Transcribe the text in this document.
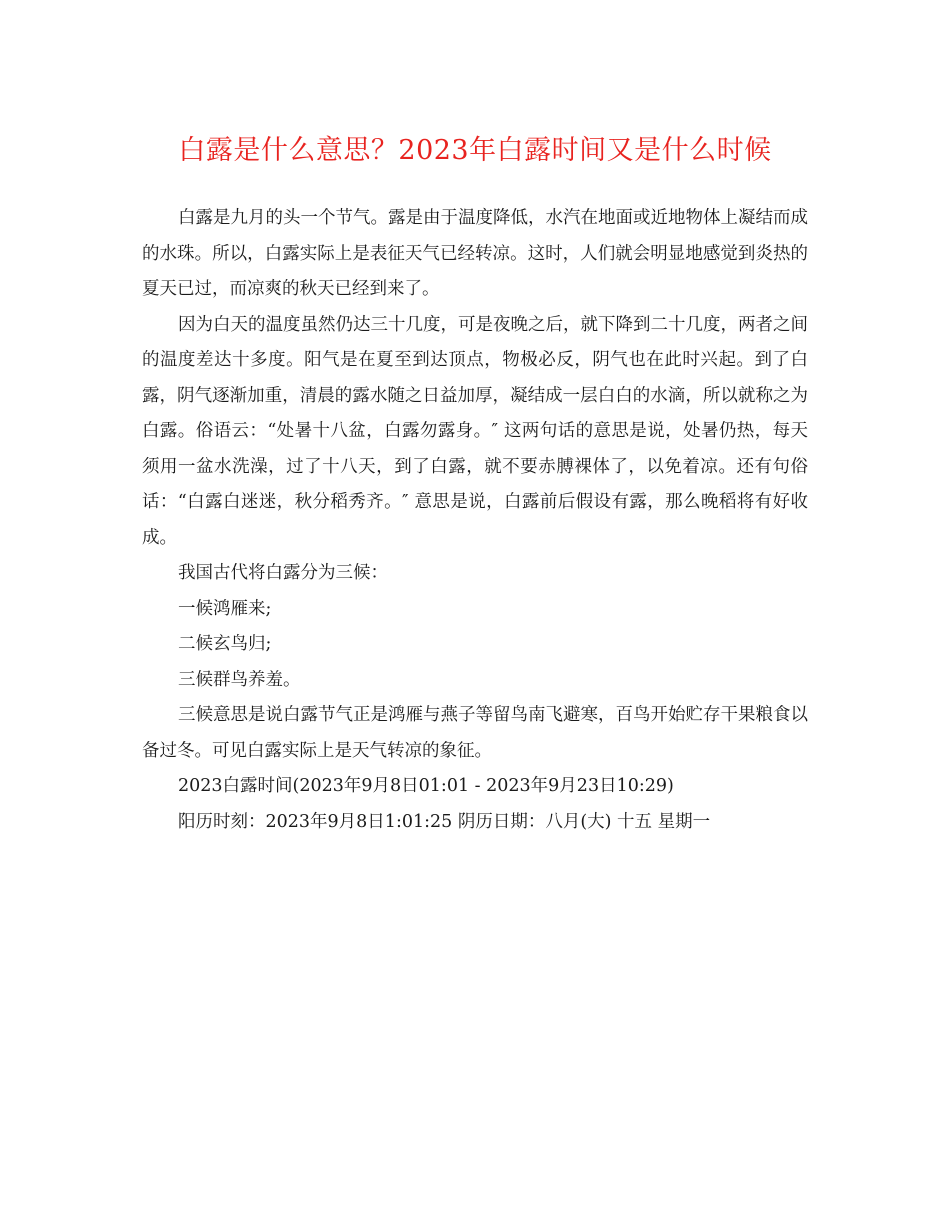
白露是什么意思？2023年白露时间又是什么时候

白露是九月的头一个节气。露是由于温度降低，水汽在地面或近地物体上凝结而成的水珠。所以，白露实际上是表征天气已经转凉。这时，人们就会明显地感觉到炎热的夏天已过，而凉爽的秋天已经到来了。

因为白天的温度虽然仍达三十几度，可是夜晚之后，就下降到二十几度，两者之间的温度差达十多度。阳气是在夏至到达顶点，物极必反，阴气也在此时兴起。到了白露，阴气逐渐加重，清晨的露水随之日益加厚，凝结成一层白白的水滴，所以就称之为白露。俗语云：“处暑十八盆，白露勿露身。″ 这两句话的意思是说，处暑仍热，每天须用一盆水洗澡，过了十八天，到了白露，就不要赤膊裸体了，以免着凉。还有句俗话：“白露白迷迷，秋分稻秀齐。″ 意思是说，白露前后假设有露，那么晚稻将有好收成。

我国古代将白露分为三候：

一候鸿雁来;

二候玄鸟归;

三候群鸟养羞。

三候意思是说白露节气正是鸿雁与燕子等留鸟南飞避寒，百鸟开始贮存干果粮食以备过冬。可见白露实际上是天气转凉的象征。

2023白露时间(2023年9月8日01:01 - 2023年9月23日10:29)

阳历时刻：2023年9月8日1:01:25 阴历日期：八月(大) 十五 星期一
